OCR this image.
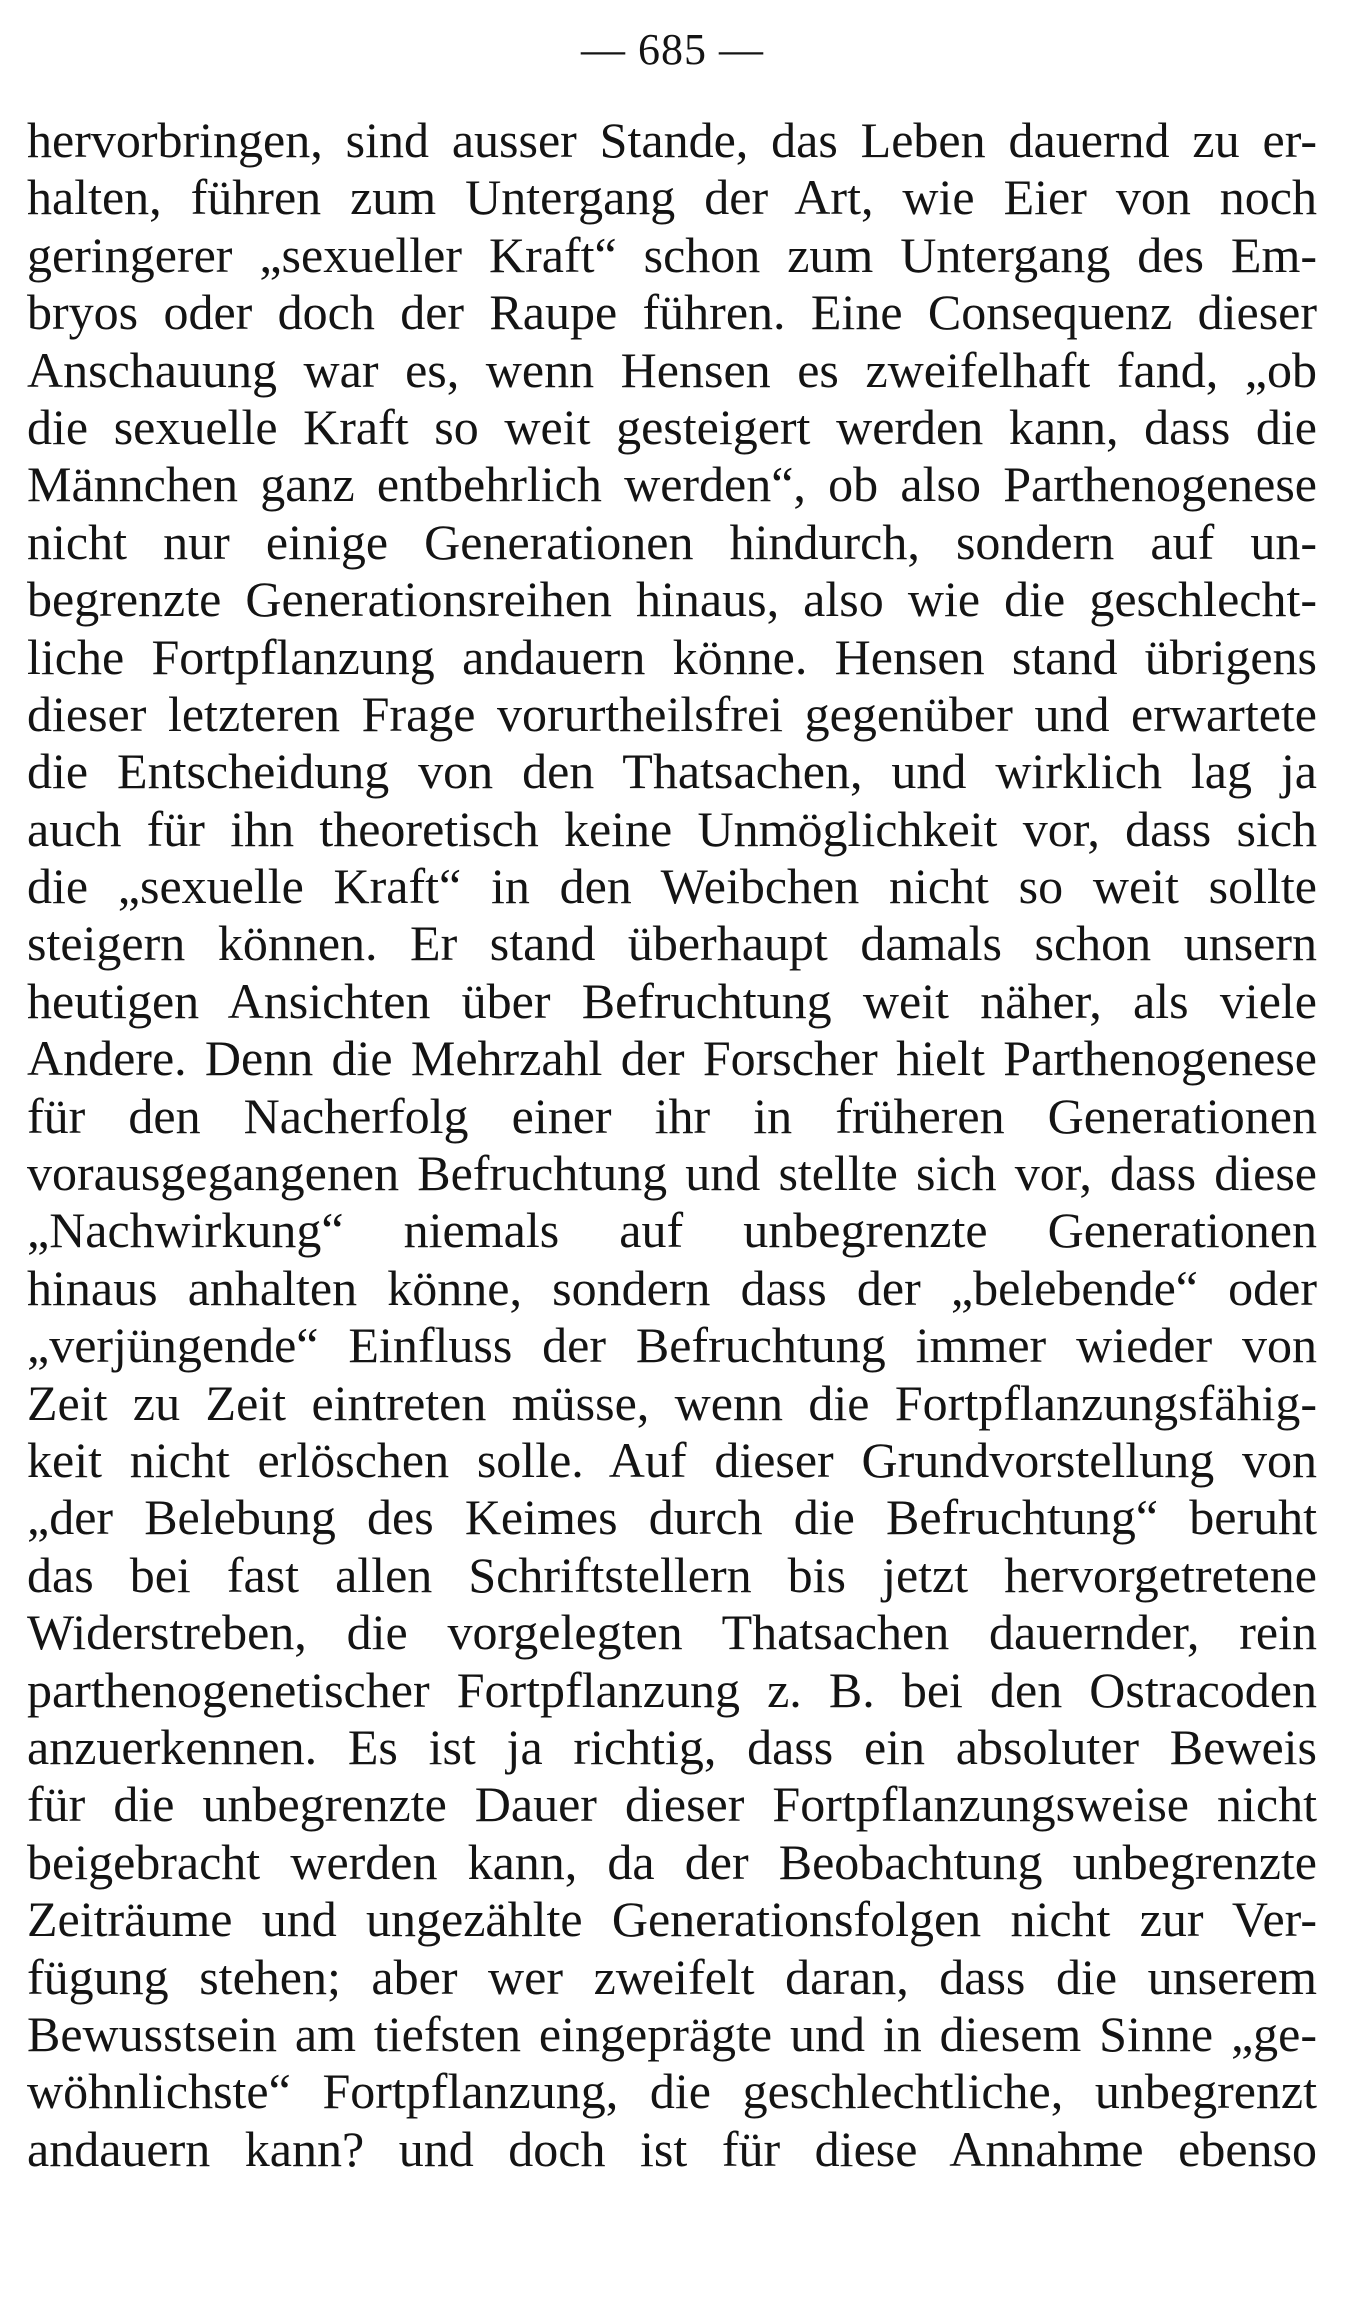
— 685 —
hervorbringen, sind ausser Stande, das Leben dauernd zu er-
halten, führen zum Untergang der Art, wie Eier von noch
geringerer „sexueller Kraft“ schon zum Untergang des Em-
bryos oder doch der Raupe führen. Eine Consequenz dieser
Anschauung war es, wenn Hensen es zweifelhaft fand, „ob
die sexuelle Kraft so weit gesteigert werden kann, dass die
Männchen ganz entbehrlich werden“, ob also Parthenogenese
nicht nur einige Generationen hindurch, sondern auf un-
begrenzte Generationsreihen hinaus, also wie die geschlecht-
liche Fortpflanzung andauern könne. Hensen stand übrigens
dieser letzteren Frage vorurtheilsfrei gegenüber und erwartete
die Entscheidung von den Thatsachen, und wirklich lag ja
auch für ihn theoretisch keine Unmöglichkeit vor, dass sich
die „sexuelle Kraft“ in den Weibchen nicht so weit sollte
steigern können. Er stand überhaupt damals schon unsern
heutigen Ansichten über Befruchtung weit näher, als viele
Andere. Denn die Mehrzahl der Forscher hielt Parthenogenese
für den Nacherfolg einer ihr in früheren Generationen
vorausgegangenen Befruchtung und stellte sich vor, dass diese
„Nachwirkung“ niemals auf unbegrenzte Generationen
hinaus anhalten könne, sondern dass der „belebende“ oder
„verjüngende“ Einfluss der Befruchtung immer wieder von
Zeit zu Zeit eintreten müsse, wenn die Fortpflanzungsfähig-
keit nicht erlöschen solle. Auf dieser Grundvorstellung von
„der Belebung des Keimes durch die Befruchtung“ beruht
das bei fast allen Schriftstellern bis jetzt hervorgetretene
Widerstreben, die vorgelegten Thatsachen dauernder, rein
parthenogenetischer Fortpflanzung z. B. bei den Ostracoden
anzuerkennen. Es ist ja richtig, dass ein absoluter Beweis
für die unbegrenzte Dauer dieser Fortpflanzungsweise nicht
beigebracht werden kann, da der Beobachtung unbegrenzte
Zeiträume und ungezählte Generationsfolgen nicht zur Ver-
fügung stehen; aber wer zweifelt daran, dass die unserem
Bewusstsein am tiefsten eingeprägte und in diesem Sinne „ge-
wöhnlichste“ Fortpflanzung, die geschlechtliche, unbegrenzt
andauern kann? und doch ist für diese Annahme ebenso
